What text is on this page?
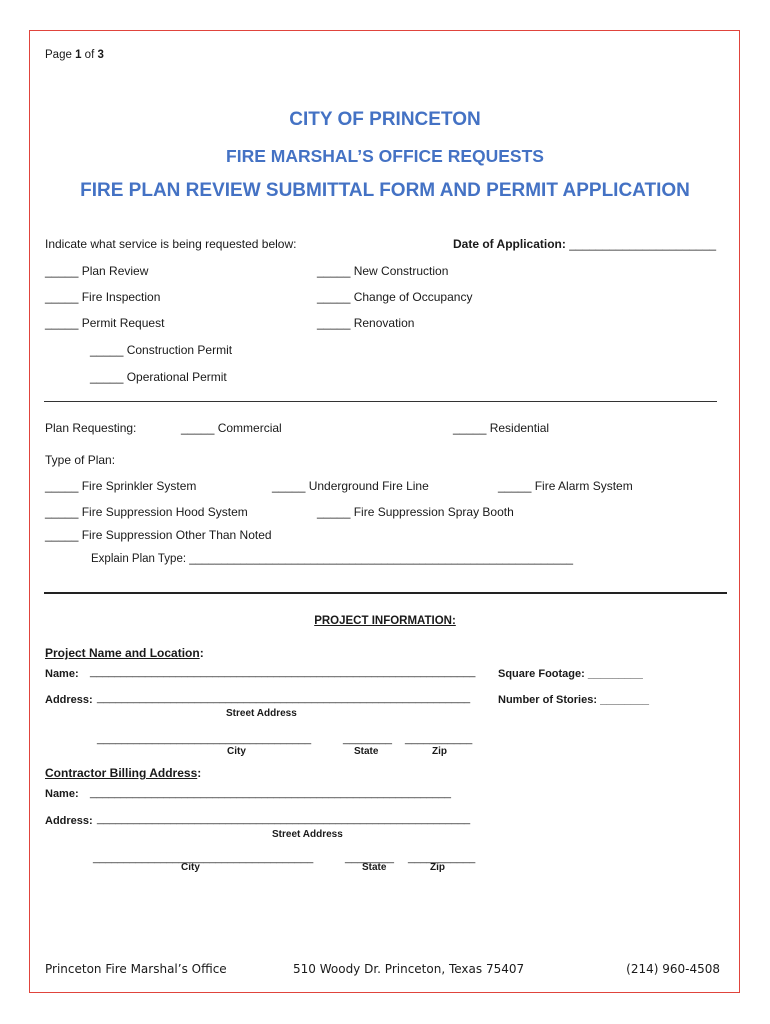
Page 1 of 3
CITY OF PRINCETON
FIRE MARSHAL’S OFFICE REQUESTS
FIRE PLAN REVIEW SUBMITTAL FORM AND PERMIT APPLICATION
Indicate what service is being requested below:	Date of Application: ______________________
_____ Plan Review	_____ New Construction
_____ Fire Inspection	_____ Change of Occupancy
_____ Permit Request	_____ Renovation
_____ Construction Permit
_____ Operational Permit
Plan Requesting:	_____ Commercial	_____ Residential
Type of Plan:
_____ Fire Sprinkler System	_____ Underground Fire Line	_____ Fire Alarm System
_____ Fire Suppression Hood System	_____ Fire Suppression Spray Booth
_____ Fire Suppression Other Than Noted
Explain Plan Type: ____________________________________________________________
PROJECT INFORMATION:
Project Name and Location:
Name: _______________________________________________________________ Square Footage: _________
Address: _____________________________________________________________	Number of Stories: ________
Street Address
___________________________________	________ ___________
City	State	Zip
Contractor Billing Address:
Name: ___________________________________________________________
Address: _____________________________________________________________
Street Address
____________________________________	________ ___________
City	State	Zip
Princeton Fire Marshal’s Office	510 Woody Dr. Princeton, Texas 75407	(214) 960-4508
